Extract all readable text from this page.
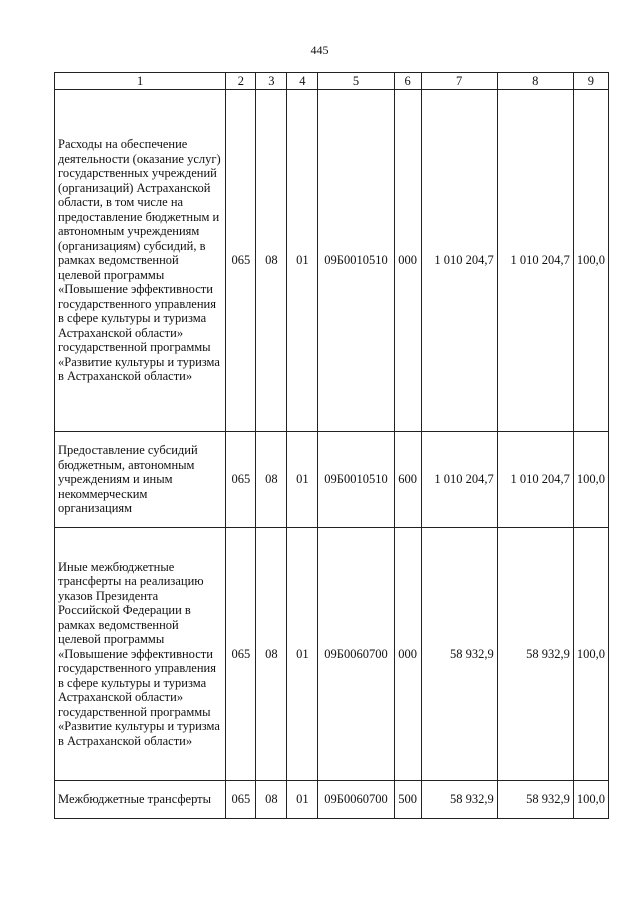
445
1	2	3	4	5	6	7	8	9
Расходы на обеспечение деятельности (оказание услуг) государственных учреждений (организаций) Астраханской области, в том числе на предоставление бюджетным и автономным учреждениям (организациям) субсидий, в рамках ведомственной целевой программы «Повышение эффективности государственного управления в сфере культуры и туризма Астраханской области» государственной программы «Развитие культуры и туризма в Астраханской области»	065	08	01	09Б0010510	000	1 010 204,7	1 010 204,7	100,0
Предоставление субсидий бюджетным, автономным учреждениям и иным некоммерческим организациям	065	08	01	09Б0010510	600	1 010 204,7	1 010 204,7	100,0
Иные межбюджетные трансферты на реализацию указов Президента Российской Федерации в рамках ведомственной целевой программы «Повышение эффективности государственного управления в сфере культуры и туризма Астраханской области» государственной программы «Развитие культуры и туризма в Астраханской области»	065	08	01	09Б0060700	000	58 932,9	58 932,9	100,0
Межбюджетные трансферты	065	08	01	09Б0060700	500	58 932,9	58 932,9	100,0
